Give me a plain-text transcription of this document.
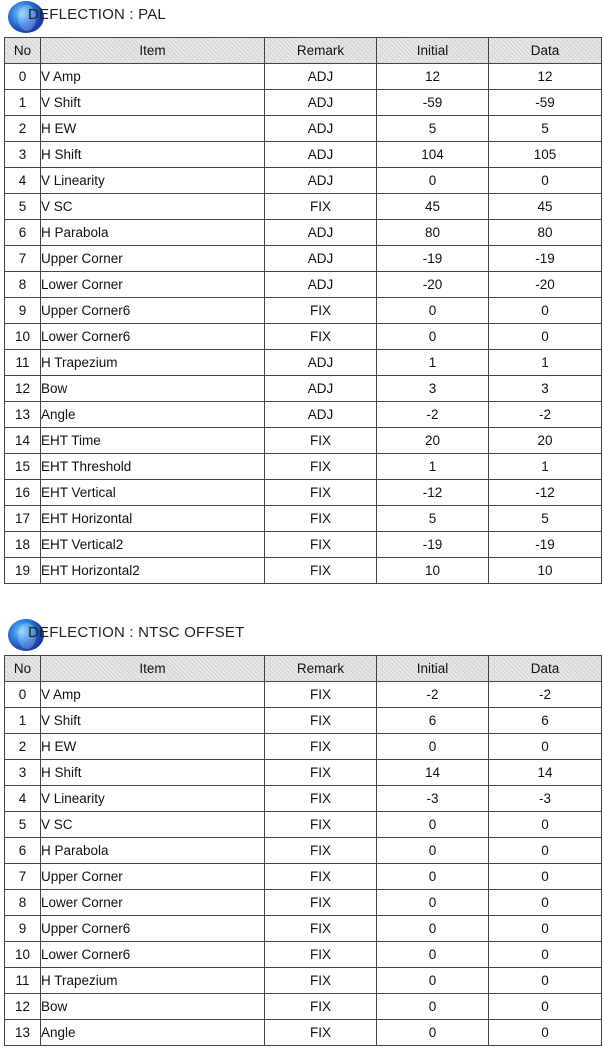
DEFLECTION : PAL
No	Item	Remark	Initial	Data
0	V Amp	ADJ	12	12
1	V Shift	ADJ	-59	-59
2	H EW	ADJ	5	5
3	H Shift	ADJ	104	105
4	V Linearity	ADJ	0	0
5	V SC	FIX	45	45
6	H Parabola	ADJ	80	80
7	Upper Corner	ADJ	-19	-19
8	Lower Corner	ADJ	-20	-20
9	Upper Corner6	FIX	0	0
10	Lower Corner6	FIX	0	0
11	H Trapezium	ADJ	1	1
12	Bow	ADJ	3	3
13	Angle	ADJ	-2	-2
14	EHT Time	FIX	20	20
15	EHT Threshold	FIX	1	1
16	EHT Vertical	FIX	-12	-12
17	EHT Horizontal	FIX	5	5
18	EHT Vertical2	FIX	-19	-19
19	EHT Horizontal2	FIX	10	10
DEFLECTION : NTSC OFFSET
No	Item	Remark	Initial	Data
0	V Amp	FIX	-2	-2
1	V Shift	FIX	6	6
2	H EW	FIX	0	0
3	H Shift	FIX	14	14
4	V Linearity	FIX	-3	-3
5	V SC	FIX	0	0
6	H Parabola	FIX	0	0
7	Upper Corner	FIX	0	0
8	Lower Corner	FIX	0	0
9	Upper Corner6	FIX	0	0
10	Lower Corner6	FIX	0	0
11	H Trapezium	FIX	0	0
12	Bow	FIX	0	0
13	Angle	FIX	0	0
